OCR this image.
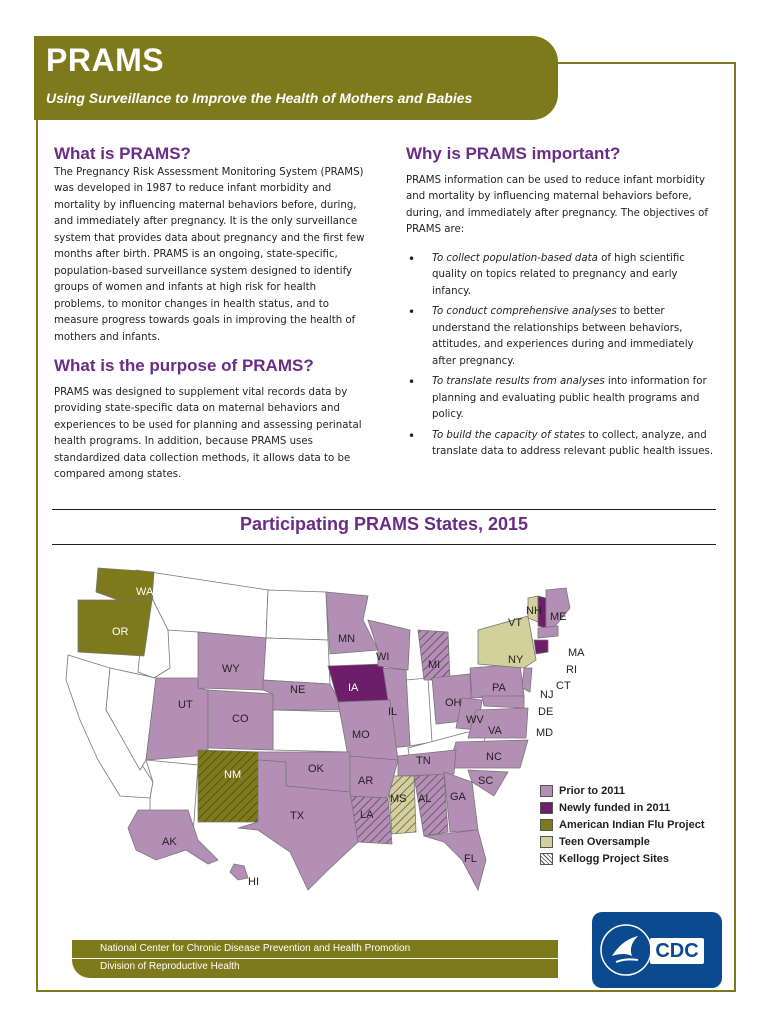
PRAMS
Using Surveillance to Improve the Health of Mothers and Babies
What is PRAMS?

The Pregnancy Risk Assessment Monitoring System (PRAMS) was developed in 1987 to reduce infant morbidity and mortality by influencing maternal behaviors before, during, and immediately after pregnancy. It is the only surveillance system that provides data about pregnancy and the first few months after birth. PRAMS is an ongoing, state-specific, population-based surveillance system designed to identify groups of women and infants at high risk for health problems, to monitor changes in health status, and to measure progress towards goals in improving the health of mothers and infants.

What is the purpose of PRAMS?

PRAMS was designed to supplement vital records data by providing state-specific data on maternal behaviors and experiences to be used for planning and assessing perinatal health programs. In addition, because PRAMS uses standardized data collection methods, it allows data to be compared among states.

Why is PRAMS important?

PRAMS information can be used to reduce infant morbidity and mortality by influencing maternal behaviors before, during, and immediately after pregnancy. The objectives of PRAMS are:

• To collect population-based data of high scientific quality on topics related to pregnancy and early infancy.
• To conduct comprehensive analyses to better understand the relationships between behaviors, attitudes, and experiences during and immediately after pregnancy.
• To translate results from analyses into information for planning and evaluating public health programs and policy.
• To build the capacity of states to collect, analyze, and translate data to address relevant public health issues.
Participating PRAMS States, 2015
WA
OR
WY
UT
CO
NE
MN
IA
WI
MI
IL
OH
PA
NY
VT
NH ME
MA
RI
CT
NJ
DE
MD
WV
VA
NC
SC
GA
FL
AL
MS
LA
AR
MO
TN
OK
TX
NM
AK
HI
Prior to 2011
Newly funded in 2011
American Indian Flu Project
Teen Oversample
Kellogg Project Sites
National Center for Chronic Disease Prevention and Health Promotion
Division of Reproductive Health
CDC
